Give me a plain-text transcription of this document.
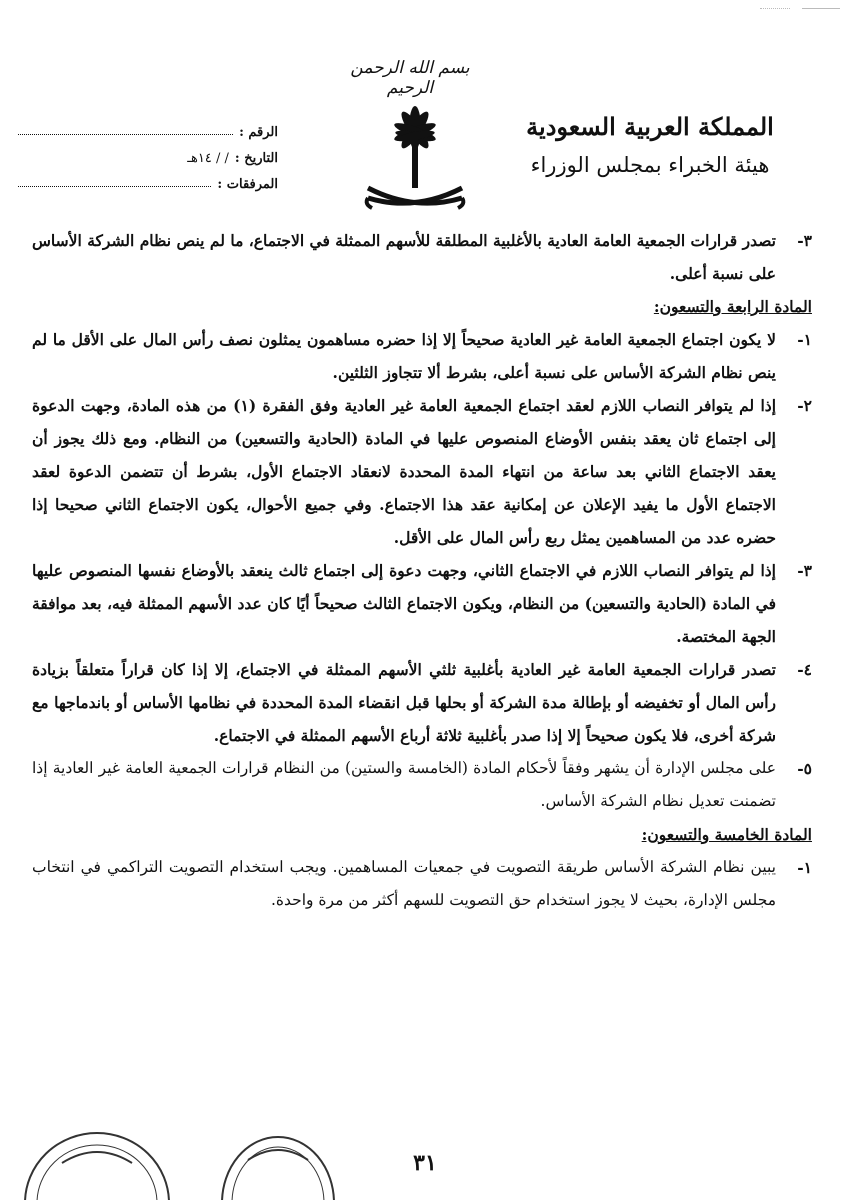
بسم الله الرحمن الرحيم
المملكة العربية السعودية
هيئة الخبراء بمجلس الوزراء
الرقم :
التاريخ :
/ / ١٤هـ
المرفقات :
٣-
تصدر قرارات الجمعية العامة العادية بالأغلبية المطلقة للأسهم الممثلة في الاجتماع، ما لم ينص نظام الشركة الأساس على نسبة أعلى.
المادة الرابعة والتسعون:
١-
لا يكون اجتماع الجمعية العامة غير العادية صحيحاً إلا إذا حضره مساهمون يمثلون نصف رأس المال على الأقل ما لم ينص نظام الشركة الأساس على نسبة أعلى، بشرط ألا تتجاوز الثلثين.
٢-
إذا لم يتوافر النصاب اللازم لعقد اجتماع الجمعية العامة غير العادية وفق الفقرة (١) من هذه المادة، وجهت الدعوة إلى اجتماع ثان يعقد بنفس الأوضاع المنصوص عليها في المادة (الحادية والتسعين) من النظام. ومع ذلك يجوز أن يعقد الاجتماع الثاني بعد ساعة من انتهاء المدة المحددة لانعقاد الاجتماع الأول، بشرط أن تتضمن الدعوة لعقد الاجتماع الأول ما يفيد الإعلان عن إمكانية عقد هذا الاجتماع. وفي جميع الأحوال، يكون الاجتماع الثاني صحيحا إذا حضره عدد من المساهمين يمثل ربع رأس المال على الأقل.
٣-
إذا لم يتوافر النصاب اللازم في الاجتماع الثاني، وجهت دعوة إلى اجتماع ثالث ينعقد بالأوضاع نفسها المنصوص عليها في المادة (الحادية والتسعين) من النظام، ويكون الاجتماع الثالث صحيحاً أيًا كان عدد الأسهم الممثلة فيه، بعد موافقة الجهة المختصة.
٤-
تصدر قرارات الجمعية العامة غير العادية بأغلبية ثلثي الأسهم الممثلة في الاجتماع، إلا إذا كان قراراً متعلقاً بزيادة رأس المال أو تخفيضه أو بإطالة مدة الشركة أو بحلها قبل انقضاء المدة المحددة في نظامها الأساس أو باندماجها مع شركة أخرى، فلا يكون صحيحاً إلا إذا صدر بأغلبية ثلاثة أرباع الأسهم الممثلة في الاجتماع.
٥-
على مجلس الإدارة أن يشهر وفقاً لأحكام المادة (الخامسة والستين) من النظام قرارات الجمعية العامة غير العادية إذا تضمنت تعديل نظام الشركة الأساس.
المادة الخامسة والتسعون:
١-
يبين نظام الشركة الأساس طريقة التصويت في جمعيات المساهمين. ويجب استخدام التصويت التراكمي في انتخاب مجلس الإدارة، بحيث لا يجوز استخدام حق التصويت للسهم أكثر من مرة واحدة.
٣١
